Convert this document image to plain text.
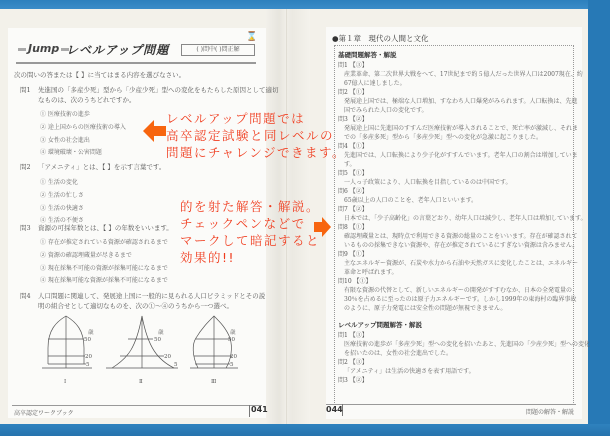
Jump レベルアップ問題
⌛
( )問中( )問正解
次の問いの答または【 】に当てはまる内容を選びなさい。
問1 先進国の「多産少死」型から「少産少死」型への変化をもたらした原因として適切
なものは、次のうちどれですか。
① 医療技術の進歩
② 途上国からの医療技術の導入
③ 女性の社会進出
④ 環境破壊・公害問題
問2 「アメニティ」とは、【 】を示す言葉です。
① 生活の変化
② 生活の忙しさ
③ 生活の快適さ
④ 生活の不便さ
問3 資源の可採年数とは、【 】の年数をいいます。
① 存在が推定されている資源が確認されるまで
② 資源の確認埋蔵量が尽きるまで
③ 現在採集不可能の資源が採集可能になるまで
④ 現在採集可能な資源が採集不可能になるまで
問4 人口問題に関連して、発展途上国に一般的に見られる人口ピラミッドとその説
明の組合せとして適切なものを、次の①～④のうちから一つ選べ。
歳
50
20
5
Ⅰ
歳
50
20
5
Ⅱ
歳
50
20
5
Ⅲ
高卒認定ワークブック	041
●第１章　現代の人間と文化
基礎問題解答・解説
問1 【③】
産業革命、第二次世界大戦をへて、17世紀まで約５億人だった世界人口は2007現在、約
67億人に達しました。
問2 【①】
発展途上国では、極端な人口増加、すなわち人口爆発がみられます。人口転換は、先進
国でみられた人口の変化です。
問3 【②】
発展途上国に先進国のすすんだ医療技術が導入されることで、死亡率が激減し、それま
での「多産多死」型から「多産少死」型への変化が急激に起こりました。
問4 【①】
先進国では、人口転換により少子化がすすんでいます。老年人口の割合は増加していま
す。
問5 【①】
一人っ子政策により、人口転換を目指しているのは中国です。
問6 【②】
65歳以上の人口のことを、老年人口といいます。
問7 【②】
日本では、「少子高齢化」の言葉どおり、幼年人口は減少し、老年人口は増加しています。
問8 【①】
確認埋蔵量とは、現時点で利用できる資源の総量のことをいいます。存在が確認されて
いるものの採集できない資源や、存在が推定されているにすぎない資源は含みません。
問9 【①】
主なエネルギー資源が、石炭や水力から石油や天然ガスに変化したことは、エネルギー
革命と呼ばれます。
問10 【①】
有限な資源の代替として、新しいエネルギーの開発がすすむなか、日本の全発電量の
30％を占めるに至ったのは原子力エネルギーです。しかし1999年の東海村の臨界事故
のように、原子力発電には安全性の問題が無視できません。
レベルアップ問題解答・解説
問1 【③】
医療技術の進歩が「多産少死」型への変化を招いたあと、先進国の「少産少死」型への変化
を招いたのは、女性の社会進出でした。
問2 【③】
「アメニティ」は生活の快適さを表す用語です。
問3 【②】
044	問題の解答・解説
レベルアップ問題では
高卒認定試験と同レベルの
問題にチャレンジできます。
的を射た解答・解説。
チェックペンなどで
マークして暗記すると
効果的!!
